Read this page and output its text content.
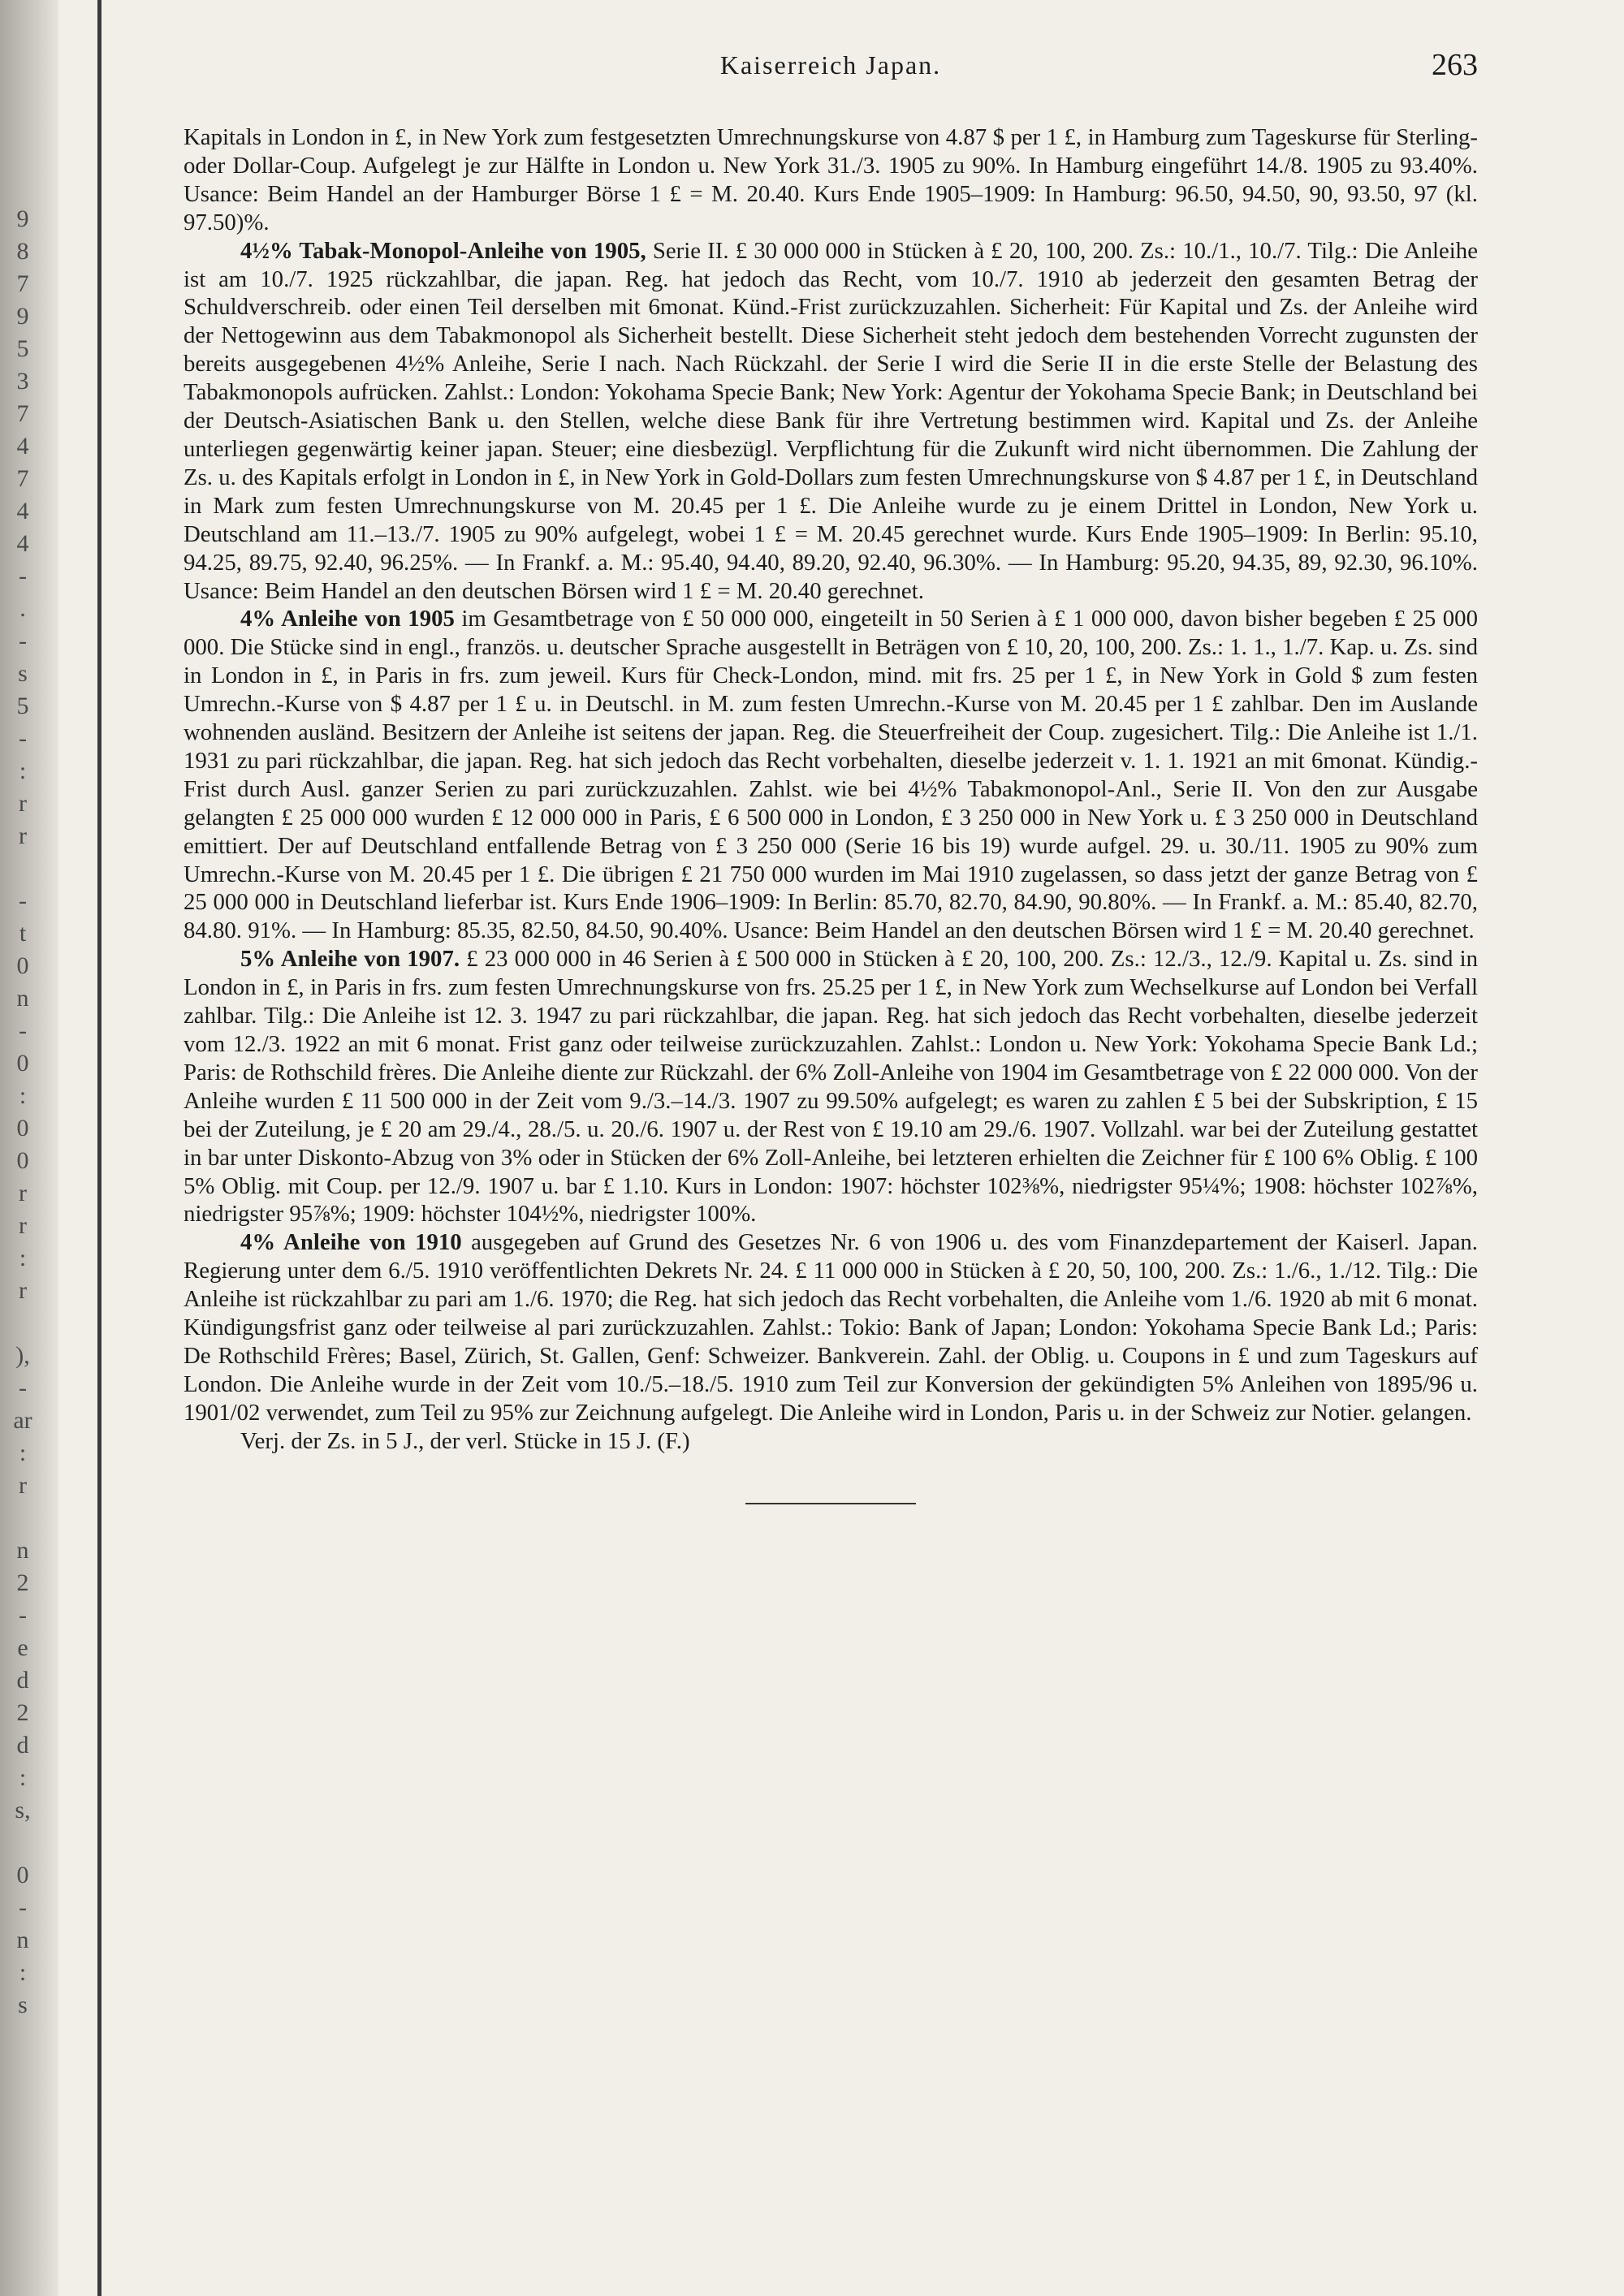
9
8
7
9
5
3
7
4
7
4
4
-
.
-
s
5
-
:
r
r
-
t
0
n
-
0
:
0
0
r
r
:
r
),
-
ar
:
r
n
2
-
e
d
2
d
:
s,
0
-
n
:
s
Kaiserreich Japan.	263

Kapitals in London in £, in New York zum festgesetzten Umrechnungskurse von 4.87 $ per 1 £, in Hamburg zum Tageskurse für Sterling- oder Dollar-Coup. Aufgelegt je zur Hälfte in London u. New York 31./3. 1905 zu 90%. In Hamburg eingeführt 14./8. 1905 zu 93.40%. Usance: Beim Handel an der Hamburger Börse 1 £ = M. 20.40. Kurs Ende 1905–1909: In Hamburg: 96.50, 94.50, 90, 93.50, 97 (kl. 97.50)%.

4½% Tabak-Monopol-Anleihe von 1905, Serie II. £ 30 000 000 in Stücken à £ 20, 100, 200. Zs.: 10./1., 10./7. Tilg.: Die Anleihe ist am 10./7. 1925 rückzahlbar, die japan. Reg. hat jedoch das Recht, vom 10./7. 1910 ab jederzeit den gesamten Betrag der Schuldverschreib. oder einen Teil derselben mit 6monat. Künd.-Frist zurückzuzahlen. Sicherheit: Für Kapital und Zs. der Anleihe wird der Nettogewinn aus dem Tabakmonopol als Sicherheit bestellt. Diese Sicherheit steht jedoch dem bestehenden Vorrecht zugunsten der bereits ausgegebenen 4½% Anleihe, Serie I nach. Nach Rückzahl. der Serie I wird die Serie II in die erste Stelle der Belastung des Tabakmonopols aufrücken. Zahlst.: London: Yokohama Specie Bank; New York: Agentur der Yokohama Specie Bank; in Deutschland bei der Deutsch-Asiatischen Bank u. den Stellen, welche diese Bank für ihre Vertretung bestimmen wird. Kapital und Zs. der Anleihe unterliegen gegenwärtig keiner japan. Steuer; eine diesbezügl. Verpflichtung für die Zukunft wird nicht übernommen. Die Zahlung der Zs. u. des Kapitals erfolgt in London in £, in New York in Gold-Dollars zum festen Umrechnungskurse von $ 4.87 per 1 £, in Deutschland in Mark zum festen Umrechnungskurse von M. 20.45 per 1 £. Die Anleihe wurde zu je einem Drittel in London, New York u. Deutschland am 11.–13./7. 1905 zu 90% aufgelegt, wobei 1 £ = M. 20.45 gerechnet wurde. Kurs Ende 1905–1909: In Berlin: 95.10, 94.25, 89.75, 92.40, 96.25%. — In Frankf. a. M.: 95.40, 94.40, 89.20, 92.40, 96.30%. — In Hamburg: 95.20, 94.35, 89, 92.30, 96.10%. Usance: Beim Handel an den deutschen Börsen wird 1 £ = M. 20.40 gerechnet.

4% Anleihe von 1905 im Gesamtbetrage von £ 50 000 000, eingeteilt in 50 Serien à £ 1 000 000, davon bisher begeben £ 25 000 000. Die Stücke sind in engl., französ. u. deutscher Sprache ausgestellt in Beträgen von £ 10, 20, 100, 200. Zs.: 1. 1., 1./7. Kap. u. Zs. sind in London in £, in Paris in frs. zum jeweil. Kurs für Check-London, mind. mit frs. 25 per 1 £, in New York in Gold $ zum festen Umrechn.-Kurse von $ 4.87 per 1 £ u. in Deutschl. in M. zum festen Umrechn.-Kurse von M. 20.45 per 1 £ zahlbar. Den im Auslande wohnenden ausländ. Besitzern der Anleihe ist seitens der japan. Reg. die Steuerfreiheit der Coup. zugesichert. Tilg.: Die Anleihe ist 1./1. 1931 zu pari rückzahlbar, die japan. Reg. hat sich jedoch das Recht vorbehalten, dieselbe jederzeit v. 1. 1. 1921 an mit 6monat. Kündig.-Frist durch Ausl. ganzer Serien zu pari zurückzuzahlen. Zahlst. wie bei 4½% Tabakmonopol-Anl., Serie II. Von den zur Ausgabe gelangten £ 25 000 000 wurden £ 12 000 000 in Paris, £ 6 500 000 in London, £ 3 250 000 in New York u. £ 3 250 000 in Deutschland emittiert. Der auf Deutschland entfallende Betrag von £ 3 250 000 (Serie 16 bis 19) wurde aufgel. 29. u. 30./11. 1905 zu 90% zum Umrechn.-Kurse von M. 20.45 per 1 £. Die übrigen £ 21 750 000 wurden im Mai 1910 zugelassen, so dass jetzt der ganze Betrag von £ 25 000 000 in Deutschland lieferbar ist. Kurs Ende 1906–1909: In Berlin: 85.70, 82.70, 84.90, 90.80%. — In Frankf. a. M.: 85.40, 82.70, 84.80. 91%. — In Hamburg: 85.35, 82.50, 84.50, 90.40%. Usance: Beim Handel an den deutschen Börsen wird 1 £ = M. 20.40 gerechnet.

5% Anleihe von 1907. £ 23 000 000 in 46 Serien à £ 500 000 in Stücken à £ 20, 100, 200. Zs.: 12./3., 12./9. Kapital u. Zs. sind in London in £, in Paris in frs. zum festen Umrechnungskurse von frs. 25.25 per 1 £, in New York zum Wechselkurse auf London bei Verfall zahlbar. Tilg.: Die Anleihe ist 12. 3. 1947 zu pari rückzahlbar, die japan. Reg. hat sich jedoch das Recht vorbehalten, dieselbe jederzeit vom 12./3. 1922 an mit 6 monat. Frist ganz oder teilweise zurückzuzahlen. Zahlst.: London u. New York: Yokohama Specie Bank Ld.; Paris: de Rothschild frères. Die Anleihe diente zur Rückzahl. der 6% Zoll-Anleihe von 1904 im Gesamtbetrage von £ 22 000 000. Von der Anleihe wurden £ 11 500 000 in der Zeit vom 9./3.–14./3. 1907 zu 99.50% aufgelegt; es waren zu zahlen £ 5 bei der Subskription, £ 15 bei der Zuteilung, je £ 20 am 29./4., 28./5. u. 20./6. 1907 u. der Rest von £ 19.10 am 29./6. 1907. Vollzahl. war bei der Zuteilung gestattet in bar unter Diskonto-Abzug von 3% oder in Stücken der 6% Zoll-Anleihe, bei letzteren erhielten die Zeichner für £ 100 6% Oblig. £ 100 5% Oblig. mit Coup. per 12./9. 1907 u. bar £ 1.10. Kurs in London: 1907: höchster 102⅜%, niedrigster 95¼%; 1908: höchster 102⅞%, niedrigster 95⅞%; 1909: höchster 104½%, niedrigster 100%.

4% Anleihe von 1910 ausgegeben auf Grund des Gesetzes Nr. 6 von 1906 u. des vom Finanzdepartement der Kaiserl. Japan. Regierung unter dem 6./5. 1910 veröffentlichten Dekrets Nr. 24. £ 11 000 000 in Stücken à £ 20, 50, 100, 200. Zs.: 1./6., 1./12. Tilg.: Die Anleihe ist rückzahlbar zu pari am 1./6. 1970; die Reg. hat sich jedoch das Recht vorbehalten, die Anleihe vom 1./6. 1920 ab mit 6 monat. Kündigungsfrist ganz oder teilweise al pari zurückzuzahlen. Zahlst.: Tokio: Bank of Japan; London: Yokohama Specie Bank Ld.; Paris: De Rothschild Frères; Basel, Zürich, St. Gallen, Genf: Schweizer. Bankverein. Zahl. der Oblig. u. Coupons in £ und zum Tageskurs auf London. Die Anleihe wurde in der Zeit vom 10./5.–18./5. 1910 zum Teil zur Konversion der gekündigten 5% Anleihen von 1895/96 u. 1901/02 verwendet, zum Teil zu 95% zur Zeichnung aufgelegt. Die Anleihe wird in London, Paris u. in der Schweiz zur Notier. gelangen.

Verj. der Zs. in 5 J., der verl. Stücke in 15 J. (F.)
